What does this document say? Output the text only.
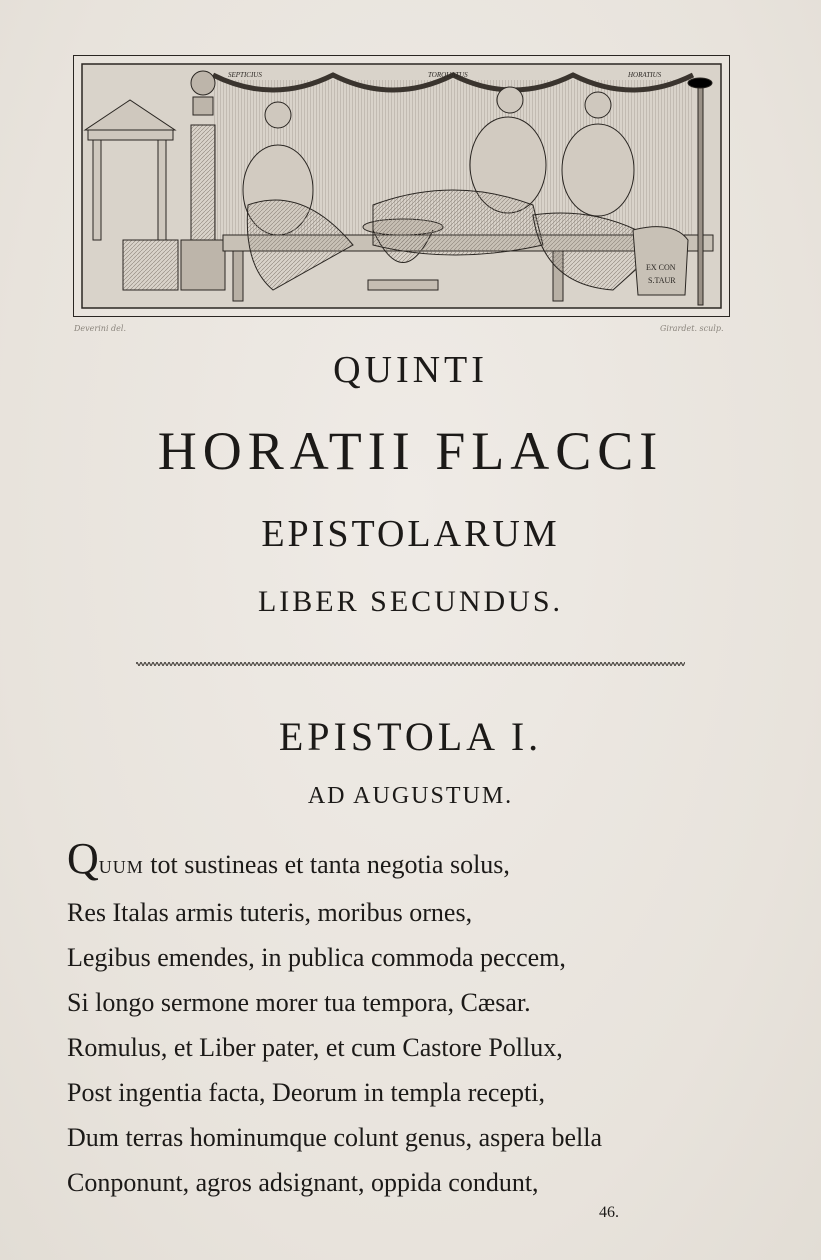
SEPTICIUS	TORQUATUS	HORATIUS
EX CON
S.TAUR
Deverini del.	Girardet. sculp.
QUINTI
HORATII FLACCI
EPISTOLARUM
LIBER SECUNDUS.
EPISTOLA I.
AD AUGUSTUM.
QUUM tot sustineas et tanta negotia solus,
Res Italas armis tuteris, moribus ornes,
Legibus emendes, in publica commoda peccem,
Si longo sermone morer tua tempora, Cæsar.
Romulus, et Liber pater, et cum Castore Pollux,
Post ingentia facta, Deorum in templa recepti,
Dum terras hominumque colunt genus, aspera bella
Conponunt, agros adsignant, oppida condunt,
46.
